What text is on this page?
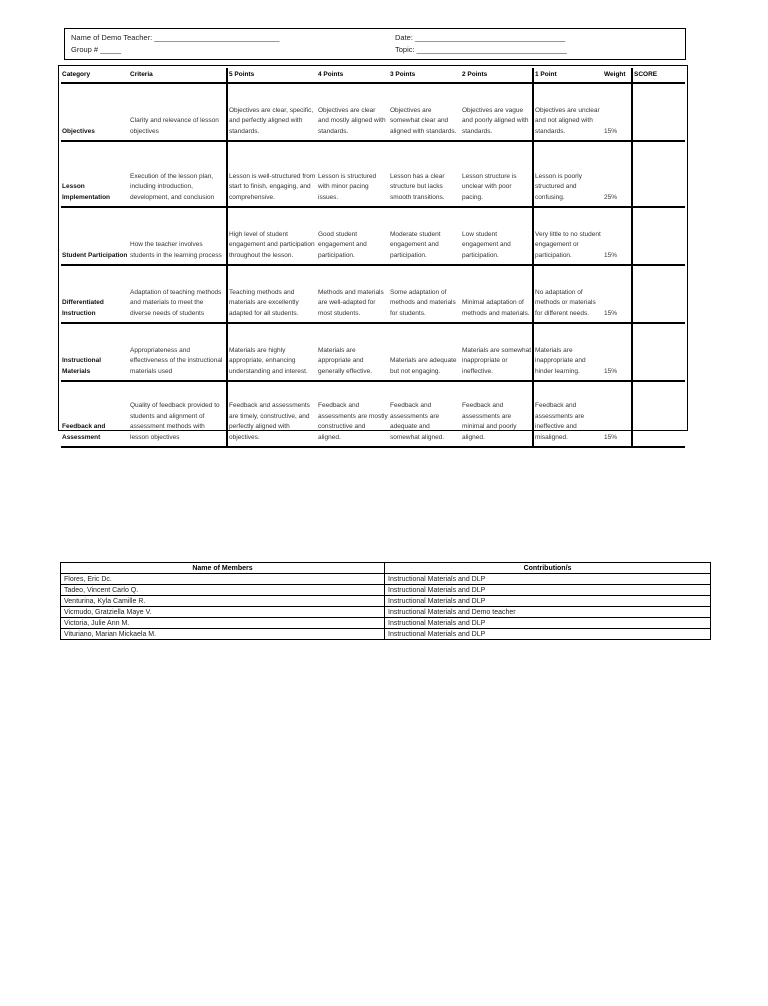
Name of Demo Teacher: ______________________________
Group # _____
Date: ____________________________________
Topic: ____________________________________
Category	Criteria	5 Points	4 Points	3 Points	2 Points	1 Point	Weight	SCORE
Objectives	Clarity and relevance of lesson objectives	Objectives are clear, specific, and perfectly aligned with standards.	Objectives are clear and mostly aligned with standards.	Objectives are somewhat clear and aligned with standards.	Objectives are vague and poorly aligned with standards.	Objectives are unclear and not aligned with standards.	15%	
Lesson Implementation	Execution of the lesson plan, including introduction, development, and conclusion	Lesson is well-structured from start to finish, engaging, and comprehensive.	Lesson is structured with minor pacing issues.	Lesson has a clear structure but lacks smooth transitions.	Lesson structure is unclear with poor pacing.	Lesson is poorly structured and confusing.	25%	
Student Participation	How the teacher involves students in the learning process	High level of student engagement and participation throughout the lesson.	Good student engagement and participation.	Moderate student engagement and participation.	Low student engagement and participation.	Very little to no student engagement or participation.	15%	
Differentiated Instruction	Adaptation of teaching methods and materials to meet the diverse needs of students	Teaching methods and materials are excellently adapted for all students.	Methods and materials are well-adapted for most students.	Some adaptation of methods and materials for students.	Minimal adaptation of methods and materials.	No adaptation of methods or materials for different needs.	15%	
Instructional Materials	Appropriateness and effectiveness of the instructional materials used	Materials are highly appropriate, enhancing understanding and interest.	Materials are appropriate and generally effective.	Materials are adequate but not engaging.	Materials are somewhat inappropriate or ineffective.	Materials are inappropriate and hinder learning.	15%	
Feedback and Assessment	Quality of feedback provided to students and alignment of assessment methods with lesson objectives	Feedback and assessments are timely, constructive, and perfectly aligned with objectives.	Feedback and assessments are mostly constructive and aligned.	Feedback and assessments are adequate and somewhat aligned.	Feedback and assessments are minimal and poorly aligned.	Feedback and assessments are ineffective and misaligned.	15%	
Name of Members	Contribution/s
Flores, Eric Dc.	Instructional Materials and DLP
Tadeo, Vincent Carlo Q.	Instructional Materials and DLP
Venturina, Kyla Camille R.	Instructional Materials and DLP
Vicmudo, Gratziella Maye V.	Instructional Materials and Demo teacher
Victoria, Julie Ann M.	Instructional Materials and DLP
Vituriano, Marian Mickaela M.	Instructional Materials and DLP
